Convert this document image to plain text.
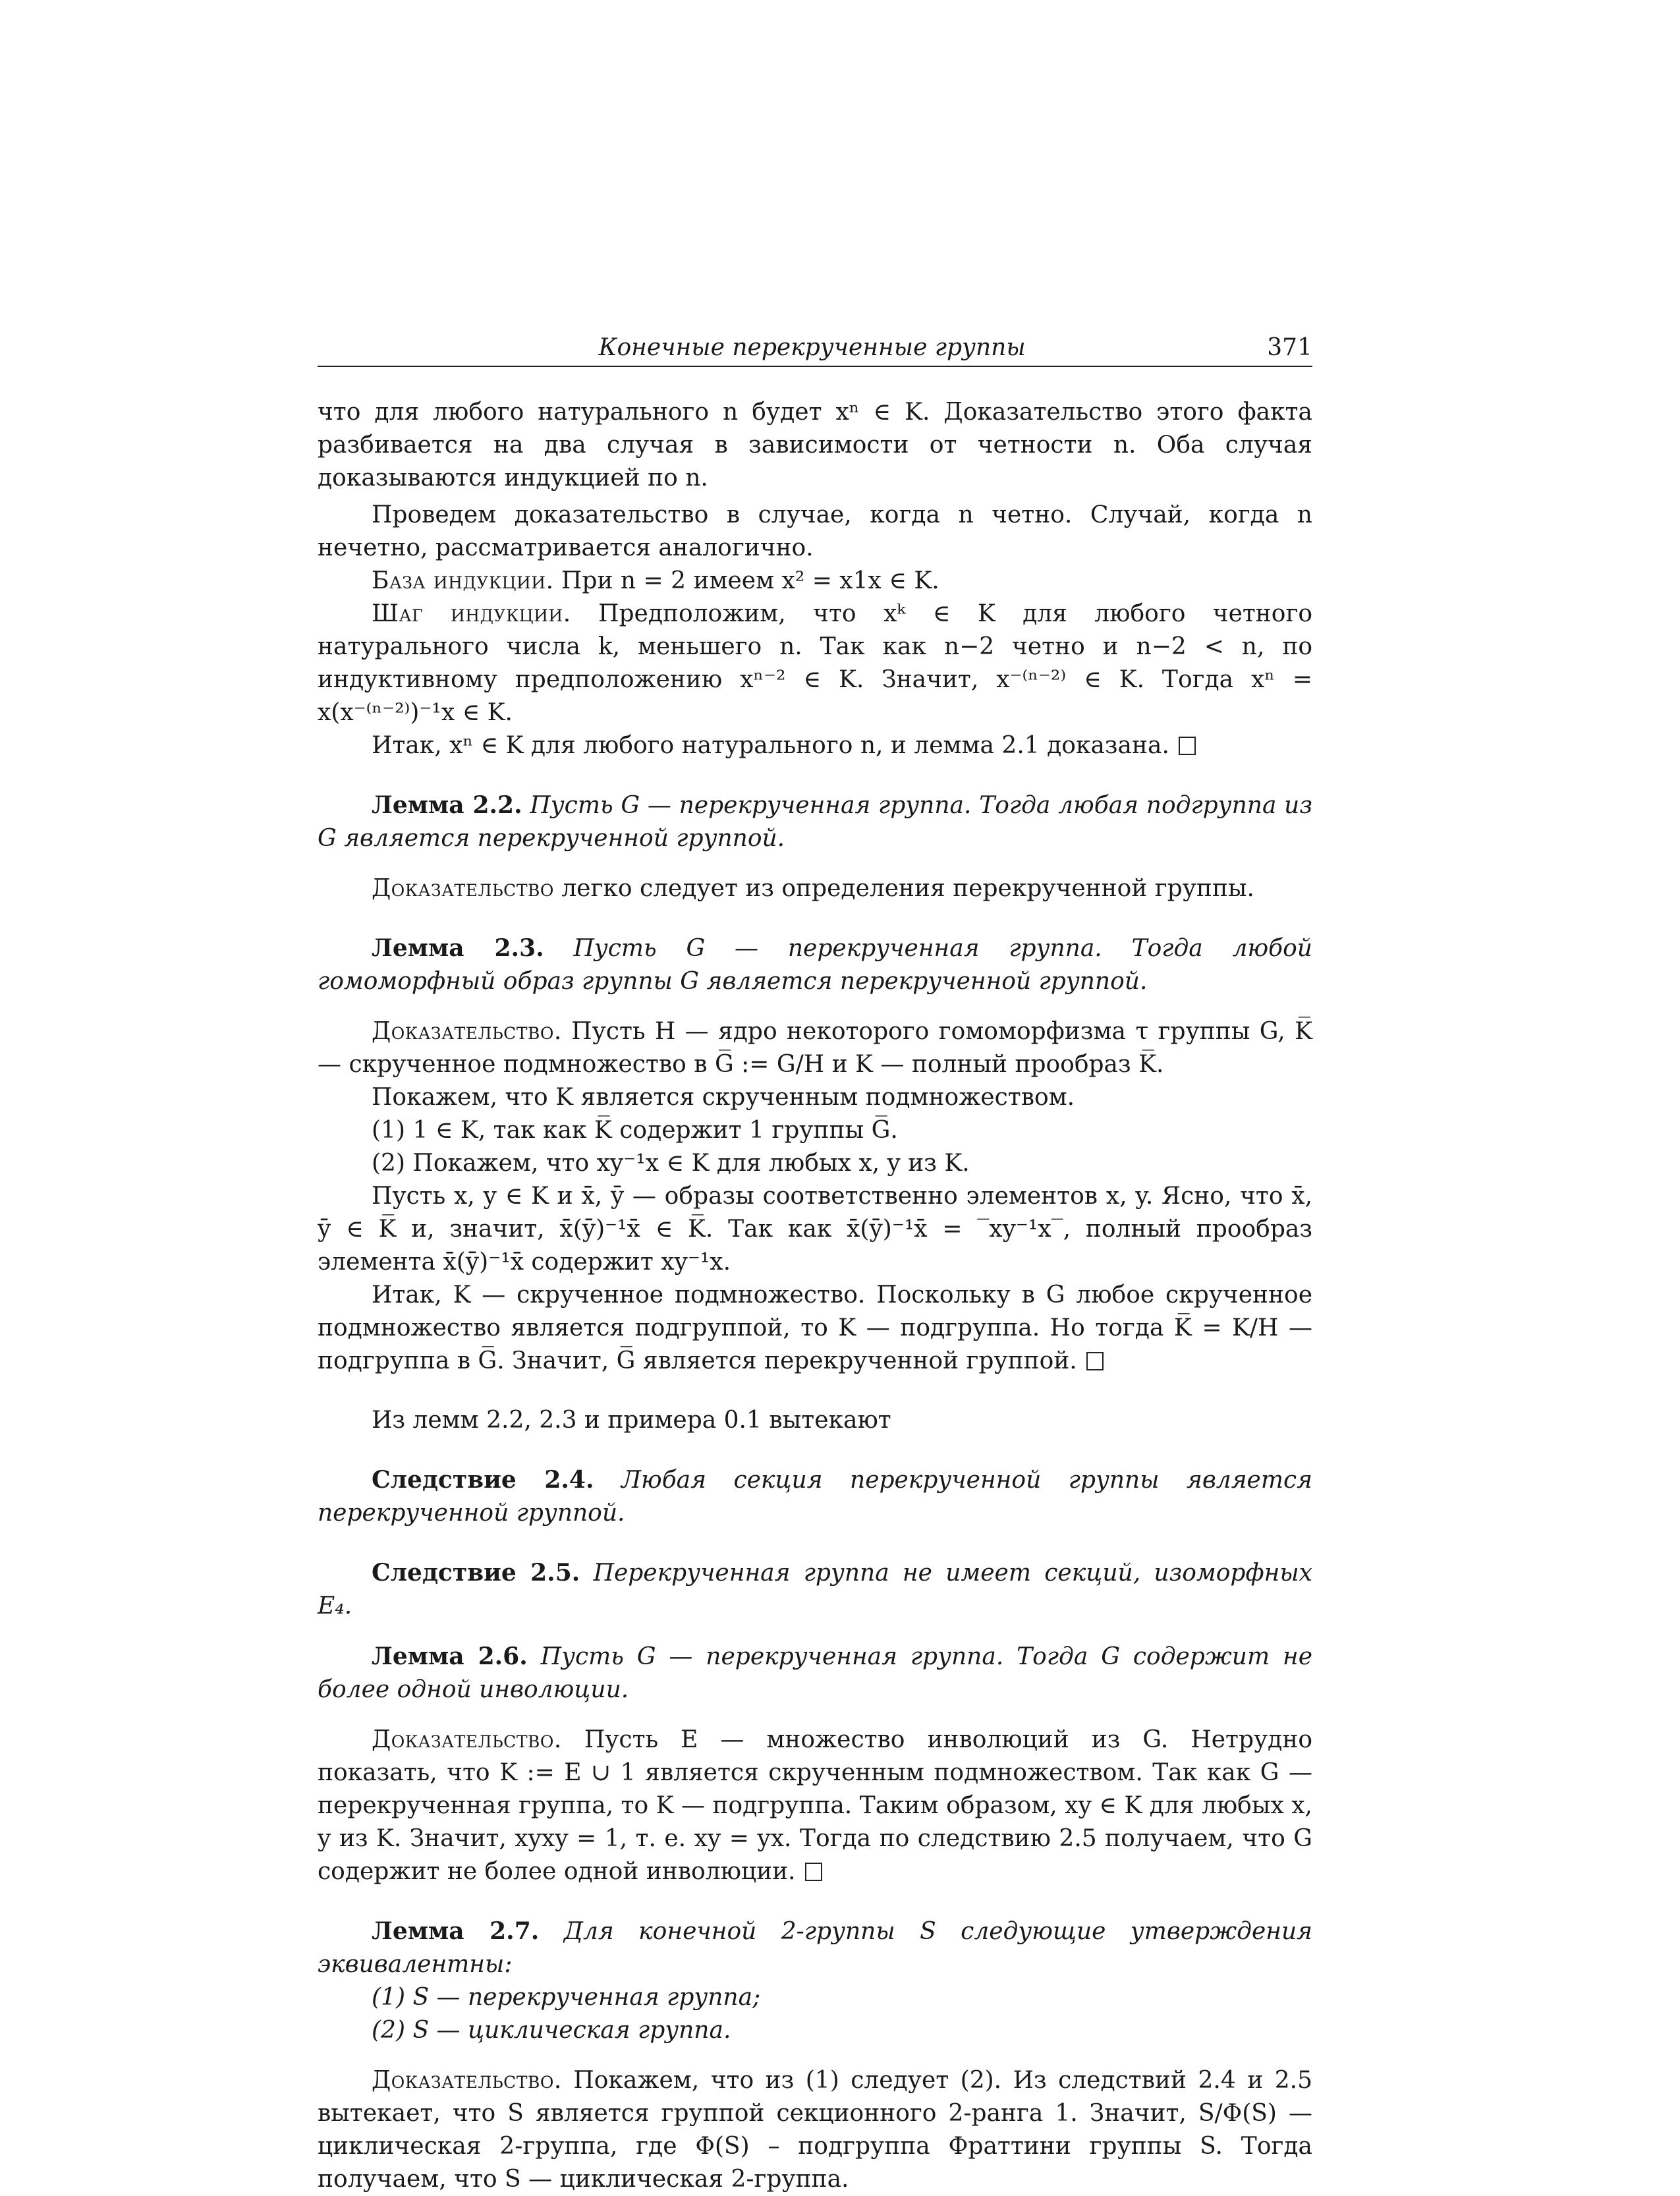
Конечные перекрученные группы	371

что для любого натурального n будет xⁿ ∈ K. Доказательство этого факта разбивается на два случая в зависимости от четности n. Оба случая доказываются индукцией по n.

Проведем доказательство в случае, когда n четно. Случай, когда n нечетно, рассматривается аналогично.

База индукции. При n = 2 имеем x² = x1x ∈ K.

Шаг индукции. Предположим, что xᵏ ∈ K для любого четного натурального числа k, меньшего n. Так как n−2 четно и n−2 < n, по индуктивному предположению xⁿ⁻² ∈ K. Значит, x⁻⁽ⁿ⁻²⁾ ∈ K. Тогда xⁿ = x(x⁻⁽ⁿ⁻²⁾)⁻¹x ∈ K.

Итак, xⁿ ∈ K для любого натурального n, и лемма 2.1 доказана.

Лемма 2.2. Пусть G — перекрученная группа. Тогда любая подгруппа из G является перекрученной группой.

Доказательство легко следует из определения перекрученной группы.

Лемма 2.3. Пусть G — перекрученная группа. Тогда любой гомоморфный образ группы G является перекрученной группой.

Доказательство. Пусть H — ядро некоторого гомоморфизма τ группы G, K̅ — скрученное подмножество в G̅ := G/H и K — полный прообраз K̅.

Покажем, что K является скрученным подмножеством.

(1) 1 ∈ K, так как K̅ содержит 1 группы G̅.

(2) Покажем, что xy⁻¹x ∈ K для любых x, y из K.

Пусть x, y ∈ K и x̄, ȳ — образы соответственно элементов x, y. Ясно, что x̄, ȳ ∈ K̅ и, значит, x̄(ȳ)⁻¹x̄ ∈ K̅. Так как x̄(ȳ)⁻¹x̄ = ‾xy⁻¹x‾, полный прообраз элемента x̄(ȳ)⁻¹x̄ содержит xy⁻¹x.

Итак, K — скрученное подмножество. Поскольку в G любое скрученное подмножество является подгруппой, то K — подгруппа. Но тогда K̅ = K/H — подгруппа в G̅. Значит, G̅ является перекрученной группой.

Из лемм 2.2, 2.3 и примера 0.1 вытекают

Следствие 2.4. Любая секция перекрученной группы является перекрученной группой.

Следствие 2.5. Перекрученная группа не имеет секций, изоморфных E₄.

Лемма 2.6. Пусть G — перекрученная группа. Тогда G содержит не более одной инволюции.

Доказательство. Пусть E — множество инволюций из G. Нетрудно показать, что K := E ∪ 1 является скрученным подмножеством. Так как G — перекрученная группа, то K — подгруппа. Таким образом, xy ∈ K для любых x, y из K. Значит, xyxy = 1, т. е. xy = yx. Тогда по следствию 2.5 получаем, что G содержит не более одной инволюции.

Лемма 2.7. Для конечной 2-группы S следующие утверждения эквивалентны:

(1) S — перекрученная группа;

(2) S — циклическая группа.

Доказательство. Покажем, что из (1) следует (2). Из следствий 2.4 и 2.5 вытекает, что S является группой секционного 2-ранга 1. Значит, S/Φ(S) — циклическая 2-группа, где Φ(S) – подгруппа Фраттини группы S. Тогда получаем, что S — циклическая 2-группа.
